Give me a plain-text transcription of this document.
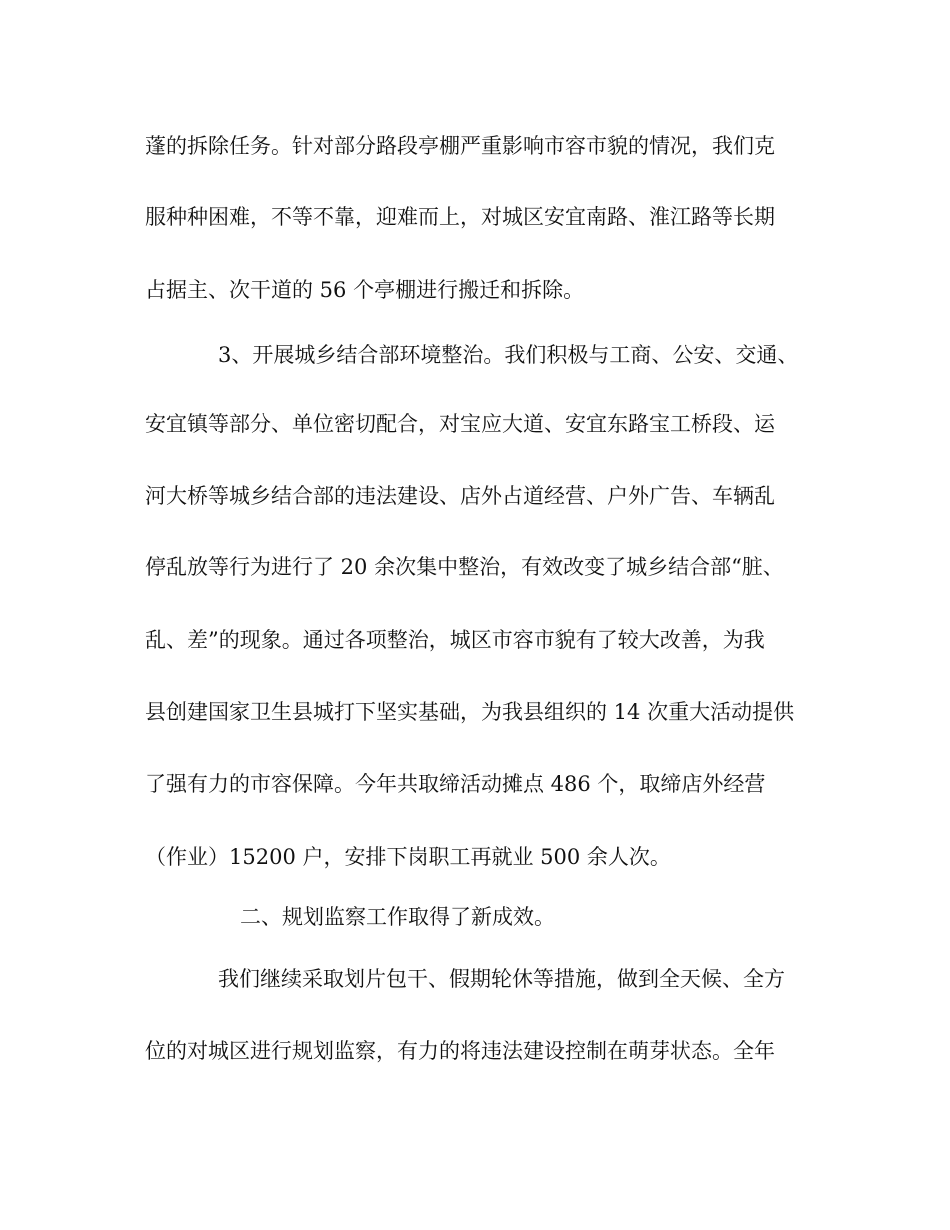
蓬的拆除任务。针对部分路段亭棚严重影响市容市貌的情况，我们克
服种种困难，不等不靠，迎难而上，对城区安宜南路、淮江路等长期
占据主、次干道的 56 个亭棚进行搬迁和拆除。
3、开展城乡结合部环境整治。我们积极与工商、公安、交通、
安宜镇等部分、单位密切配合，对宝应大道、安宜东路宝工桥段、运
河大桥等城乡结合部的违法建设、店外占道经营、户外广告、车辆乱
停乱放等行为进行了 20 余次集中整治，有效改变了城乡结合部“脏、
乱、差”的现象。通过各项整治，城区市容市貌有了较大改善，为我
县创建国家卫生县城打下坚实基础，为我县组织的 14 次重大活动提供
了强有力的市容保障。今年共取缔活动摊点 486 个，取缔店外经营
（作业）15200 户，安排下岗职工再就业 500 余人次。
二、规划监察工作取得了新成效。
我们继续采取划片包干、假期轮休等措施，做到全天候、全方
位的对城区进行规划监察，有力的将违法建设控制在萌芽状态。全年
